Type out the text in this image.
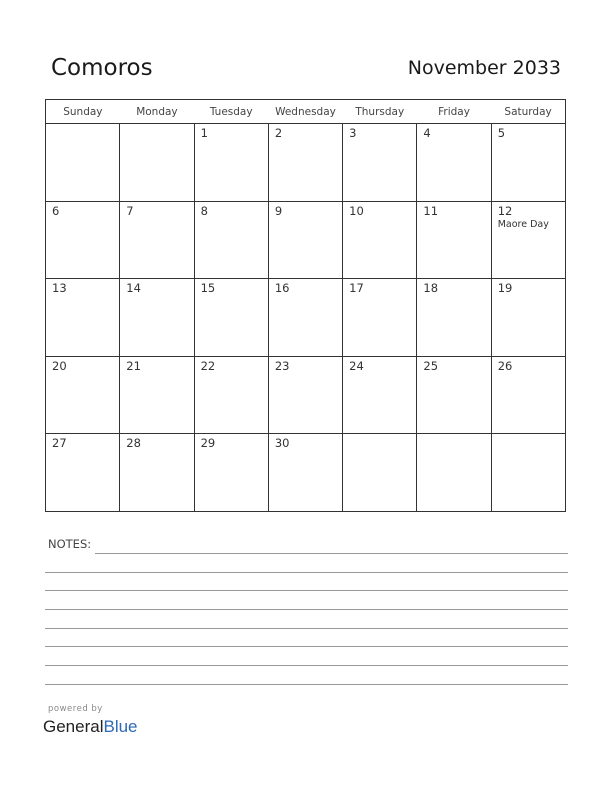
Comoros	November 2033
Sunday	Monday	Tuesday	Wednesday	Thursday	Friday	Saturday

		1	2	3	4	5

6	7	8	9	10	11	12
Maore Day

13	14	15	16	17	18	19

20	21	22	23	24	25	26

27	28	29	30			

NOTES:
powered by
GeneralBlue
